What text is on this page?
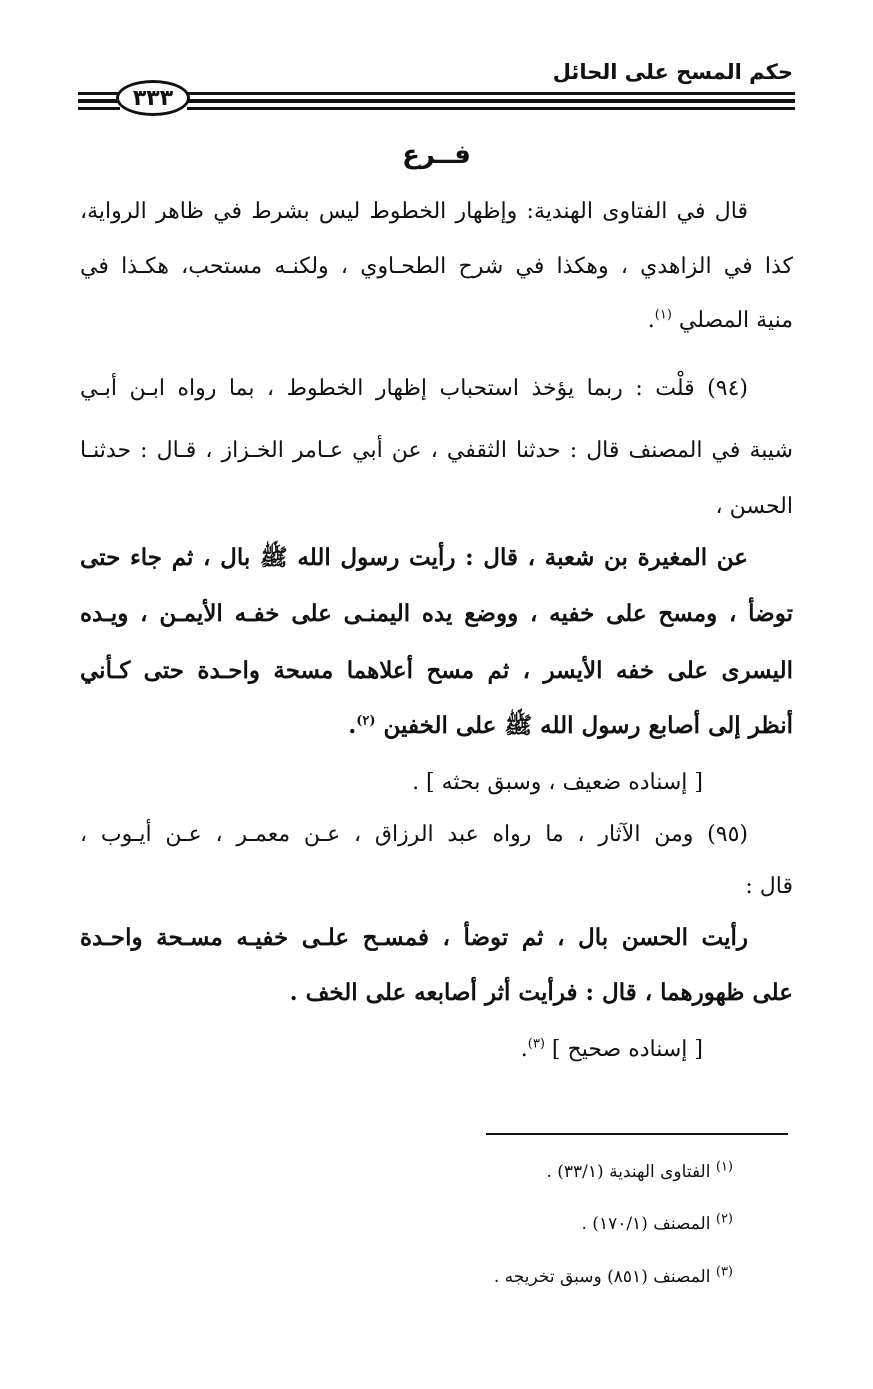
حكم المسح على الحائل
٣٣٣
فــرع
قال في الفتاوى الهندية: وإظهار الخطوط ليس بشرط في ظاهر الرواية،
كذا في الزاهدي ، وهكذا في شرح الطحـاوي ، ولكنـه مستحب، هكـذا في
منية المصلي $^{(١)}$.
(٩٤) قلْت : ربما يؤخذ استحباب إظهار الخطوط ، بما رواه ابـن أبـي
شيبة في المصنف قال : حدثنا الثقفي ، عن أبي عـامر الخـزاز ، قـال : حدثنـا
الحسن ،
عن المغيرة بن شعبة ، قال : رأيت رسول الله ﷺ بال ، ثم جاء حتى
توضأ ، ومسح على خفيه ، ووضع يده اليمنـى على خفـه الأيمـن ، ويـده
اليسرى على خفه الأيسر ، ثم مسح أعلاهما مسحة واحـدة حتى كـأني
أنظر إلى أصابع رسول الله ﷺ على الخفين $^{(٢)}$.
[ إسناده ضعيف ، وسبق بحثه ] .
(٩٥) ومن الآثار ، ما رواه عبد الرزاق ، عـن معمـر ، عـن أيـوب ،
قال :
رأيت الحسن بال ، ثم توضأ ، فمسـح علـى خفيـه مسـحة واحـدة
على ظهورهما ، قال : فرأيت أثر أصابعه على الخف .
[ إسناده صحيح ] $^{(٣)}$.
$^{(١)}$ الفتاوى الهندية (٣٣/١) .
$^{(٢)}$ المصنف (١٧٠/١) .
$^{(٣)}$ المصنف (٨٥١) وسبق تخريجه .
